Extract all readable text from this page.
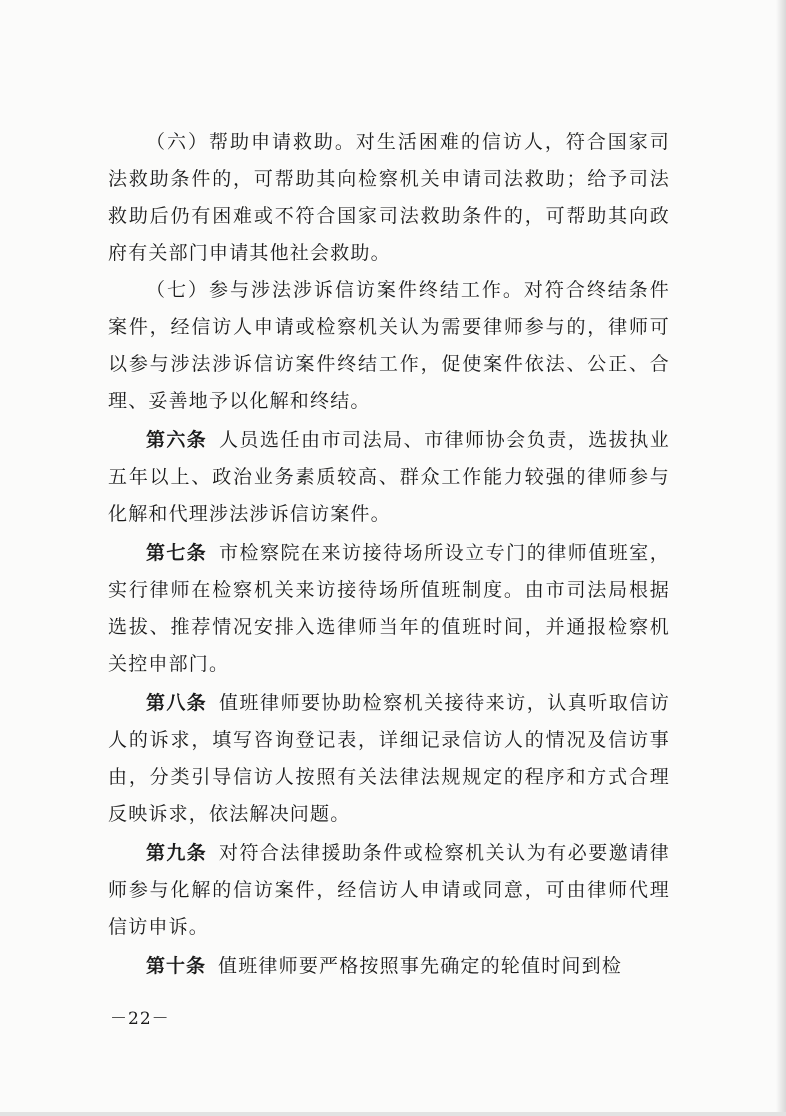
（六）帮助申请救助。对生活困难的信访人，符合国家司法救助条件的，可帮助其向检察机关申请司法救助；给予司法救助后仍有困难或不符合国家司法救助条件的，可帮助其向政府有关部门申请其他社会救助。

（七）参与涉法涉诉信访案件终结工作。对符合终结条件案件，经信访人申请或检察机关认为需要律师参与的，律师可以参与涉法涉诉信访案件终结工作，促使案件依法、公正、合理、妥善地予以化解和终结。

第六条 人员选任由市司法局、市律师协会负责，选拔执业五年以上、政治业务素质较高、群众工作能力较强的律师参与化解和代理涉法涉诉信访案件。

第七条 市检察院在来访接待场所设立专门的律师值班室，实行律师在检察机关来访接待场所值班制度。由市司法局根据选拔、推荐情况安排入选律师当年的值班时间，并通报检察机关控申部门。

第八条 值班律师要协助检察机关接待来访，认真听取信访人的诉求，填写咨询登记表，详细记录信访人的情况及信访事由，分类引导信访人按照有关法律法规规定的程序和方式合理反映诉求，依法解决问题。

第九条 对符合法律援助条件或检察机关认为有必要邀请律师参与化解的信访案件，经信访人申请或同意，可由律师代理信访申诉。

第十条 值班律师要严格按照事先确定的轮值时间到检

－22－
